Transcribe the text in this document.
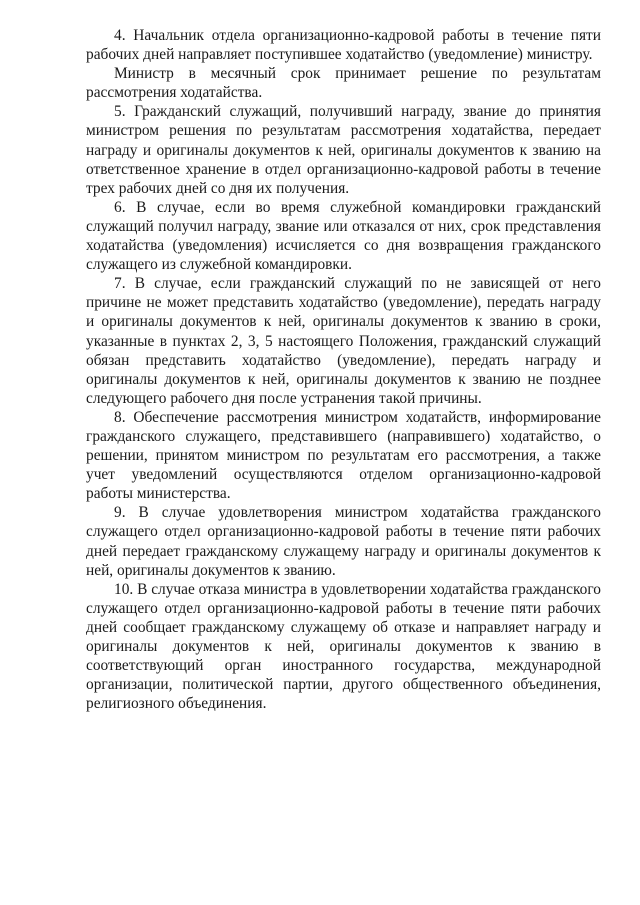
4. Начальник отдела организационно-кадровой работы в течение пяти рабочих дней направляет поступившее ходатайство (уведомление) министру.

Министр в месячный срок принимает решение по результатам рассмотрения ходатайства.

5. Гражданский служащий, получивший награду, звание до принятия министром решения по результатам рассмотрения ходатайства, передает награду и оригиналы документов к ней, оригиналы документов к званию на ответственное хранение в отдел организационно-кадровой работы в течение трех рабочих дней со дня их получения.

6. В случае, если во время служебной командировки гражданский служащий получил награду, звание или отказался от них, срок представления ходатайства (уведомления) исчисляется со дня возвращения гражданского служащего из служебной командировки.

7. В случае, если гражданский служащий по не зависящей от него причине не может представить ходатайство (уведомление), передать награду и оригиналы документов к ней, оригиналы документов к званию в сроки, указанные в пунктах 2, 3, 5 настоящего Положения, гражданский служащий обязан представить ходатайство (уведомление), передать награду и оригиналы документов к ней, оригиналы документов к званию не позднее следующего рабочего дня после устранения такой причины.

8. Обеспечение рассмотрения министром ходатайств, информирование гражданского служащего, представившего (направившего) ходатайство, о решении, принятом министром по результатам его рассмотрения, а также учет уведомлений осуществляются отделом организационно-кадровой работы министерства.

9. В случае удовлетворения министром ходатайства гражданского служащего отдел организационно-кадровой работы в течение пяти рабочих дней передает гражданскому служащему награду и оригиналы документов к ней, оригиналы документов к званию.

10. В случае отказа министра в удовлетворении ходатайства гражданского служащего отдел организационно-кадровой работы в течение пяти рабочих дней сообщает гражданскому служащему об отказе и направляет награду и оригиналы документов к ней, оригиналы документов к званию в соответствующий орган иностранного государства, международной организации, политической партии, другого общественного объединения, религиозного объединения.
